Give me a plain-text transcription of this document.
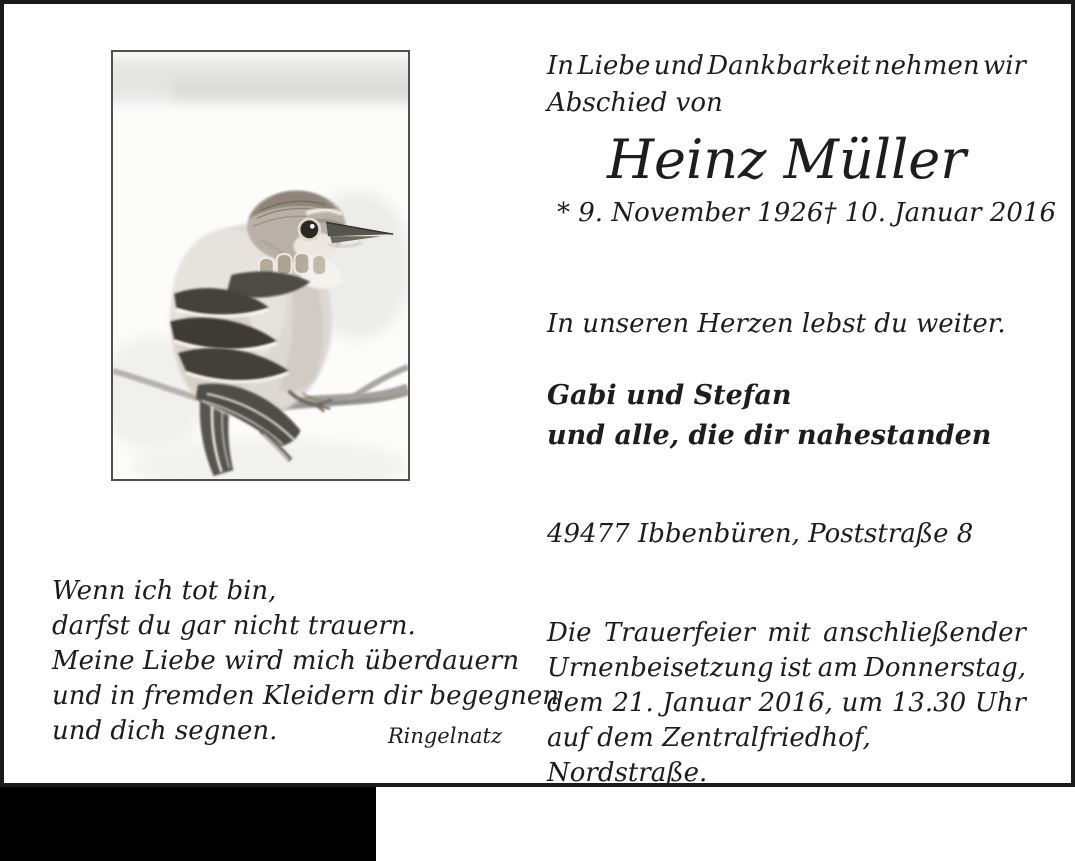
In Liebe und Dankbarkeit nehmen wir
Abschied von
Heinz Müller
* 9. November 1926 † 10. Januar 2016
In unseren Herzen lebst du weiter.
Gabi und Stefan
und alle, die dir nahestanden
49477 Ibbenbüren, Poststraße 8
Die Trauerfeier mit anschließender
Urnenbeisetzung ist am Donnerstag,
dem 21. Januar 2016, um 13.30 Uhr
auf dem Zentralfriedhof, Nordstraße.
Wenn ich tot bin,
darfst du gar nicht trauern.
Meine Liebe wird mich überdauern
und in fremden Kleidern dir begegnen
und dich segnen.	Ringelnatz
